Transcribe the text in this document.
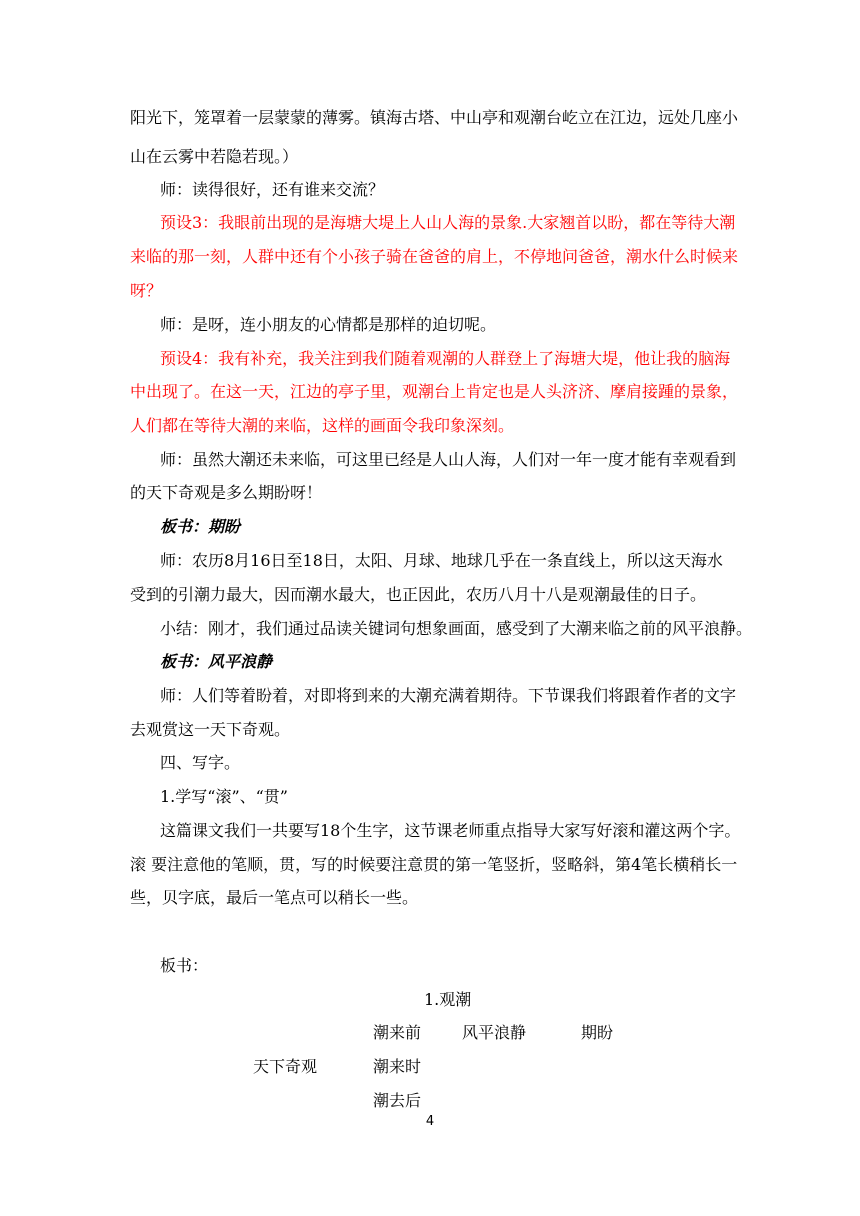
阳光下，笼罩着一层蒙蒙的薄雾。镇海古塔、中山亭和观潮台屹立在江边，远处几座小
山在云雾中若隐若现。）
师：读得很好，还有谁来交流？
预设3：我眼前出现的是海塘大堤上人山人海的景象.大家翘首以盼，都在等待大潮
来临的那一刻，人群中还有个小孩子骑在爸爸的肩上，不停地问爸爸，潮水什么时候来
呀？
师：是呀，连小朋友的心情都是那样的迫切呢。
预设4：我有补充，我关注到我们随着观潮的人群登上了海塘大堤，他让我的脑海
中出现了。在这一天，江边的亭子里，观潮台上肯定也是人头济济、摩肩接踵的景象，
人们都在等待大潮的来临，这样的画面令我印象深刻。
师：虽然大潮还未来临，可这里已经是人山人海，人们对一年一度才能有幸观看到
的天下奇观是多么期盼呀！
板书：期盼
师：农历8月16日至18日，太阳、月球、地球几乎在一条直线上，所以这天海水
受到的引潮力最大，因而潮水最大，也正因此，农历八月十八是观潮最佳的日子。
小结：刚才，我们通过品读关键词句想象画面，感受到了大潮来临之前的风平浪静。
板书：风平浪静
师：人们等着盼着，对即将到来的大潮充满着期待。下节课我们将跟着作者的文字
去观赏这一天下奇观。
四、写字。
1.学写“滚”、“贯”
这篇课文我们一共要写18个生字，这节课老师重点指导大家写好滚和灌这两个字。
滚 要注意他的笔顺，贯，写的时候要注意贯的第一笔竖折，竖略斜，第4笔长横稍长一
些，贝字底，最后一笔点可以稍长一些。
板书：
1.观潮
潮来前	风平浪静	期盼
天下奇观	潮来时
潮去后
4
